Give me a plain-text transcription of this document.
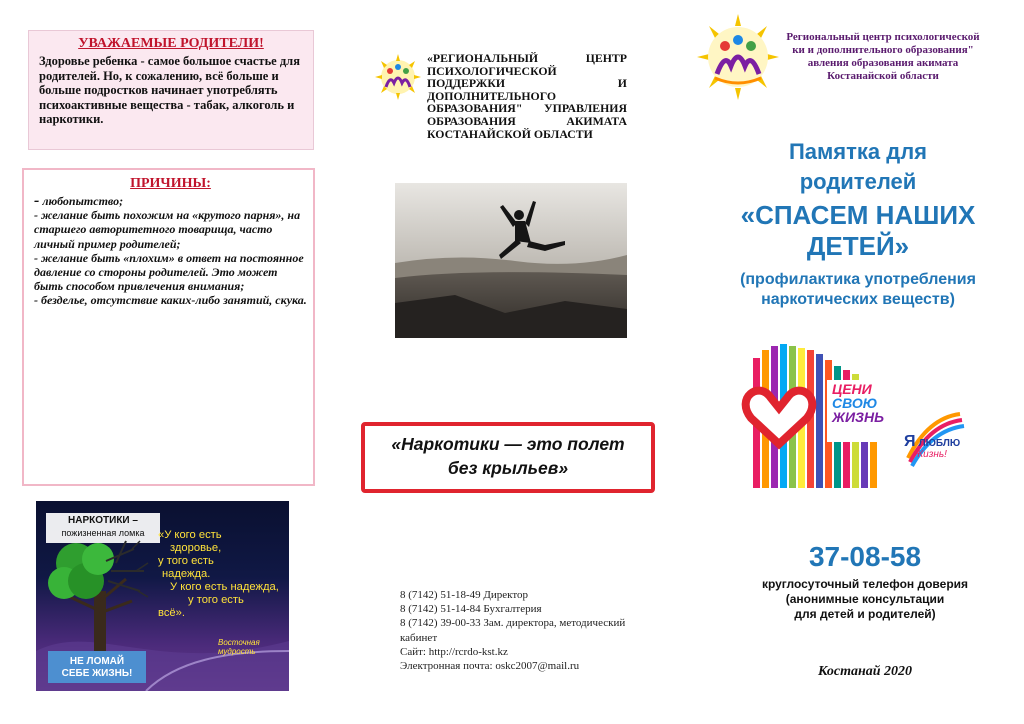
УВАЖАЕМЫЕ РОДИТЕЛИ!

Здоровье ребенка - самое большое счастье для родителей. Но, к сожалению, всё больше и больше подростков начинает употреблять психоактивные вещества - табак, алкоголь и наркотики.

ПРИЧИНЫ:
- любопытство;
- желание быть похожим на «крутого парня», на старшего авторитетного товарища, часто личный пример родителей;
- желание быть «плохим» в ответ на постоянное давление со стороны родителей. Это может быть способом привлечения внимания;
- безделье, отсутствие каких-либо занятий, скука.
НАРКОТИКИ –
пожизненная ломка	«У кого есть
здоровье,
у того есть
надежда.
У кого есть надежда,
у того есть
всё».
Восточная мудрость
НЕ ЛОМАЙ
СЕБЕ ЖИЗНЬ!
«РЕГИОНАЛЬНЫЙ ЦЕНТР ПСИХОЛОГИЧЕСКОЙ ПОДДЕРЖКИ И ДОПОЛНИТЕЛЬНОГО ОБРАЗОВАНИЯ" УПРАВЛЕНИЯ ОБРАЗОВАНИЯ АКИМАТА КОСТАНАЙСКОЙ ОБЛАСТИ
«Наркотики — это полет
без крыльев»
8 (7142) 51-18-49 Директор
8 (7142) 51-14-84 Бухгалтерия
8 (7142) 39-00-33 Зам. директора, методический кабинет
Сайт: http://rcrdo-kst.kz
Электронная почта: oskc2007@mail.ru
Региональный центр психологической
ки и дополнительного образования"
авления образования акимата
Костанайской области
Памятка для
родителей
«СПАСЕМ НАШИХ
ДЕТЕЙ»
(профилактика употребления наркотических веществ)
ЦЕНИ
СВОЮ
ЖИЗНЬ
Я ЛЮБЛЮ
Жизнь!
37-08-58
круглосуточный телефон доверия
(анонимные консультации
для детей и родителей)
Костанай 2020
